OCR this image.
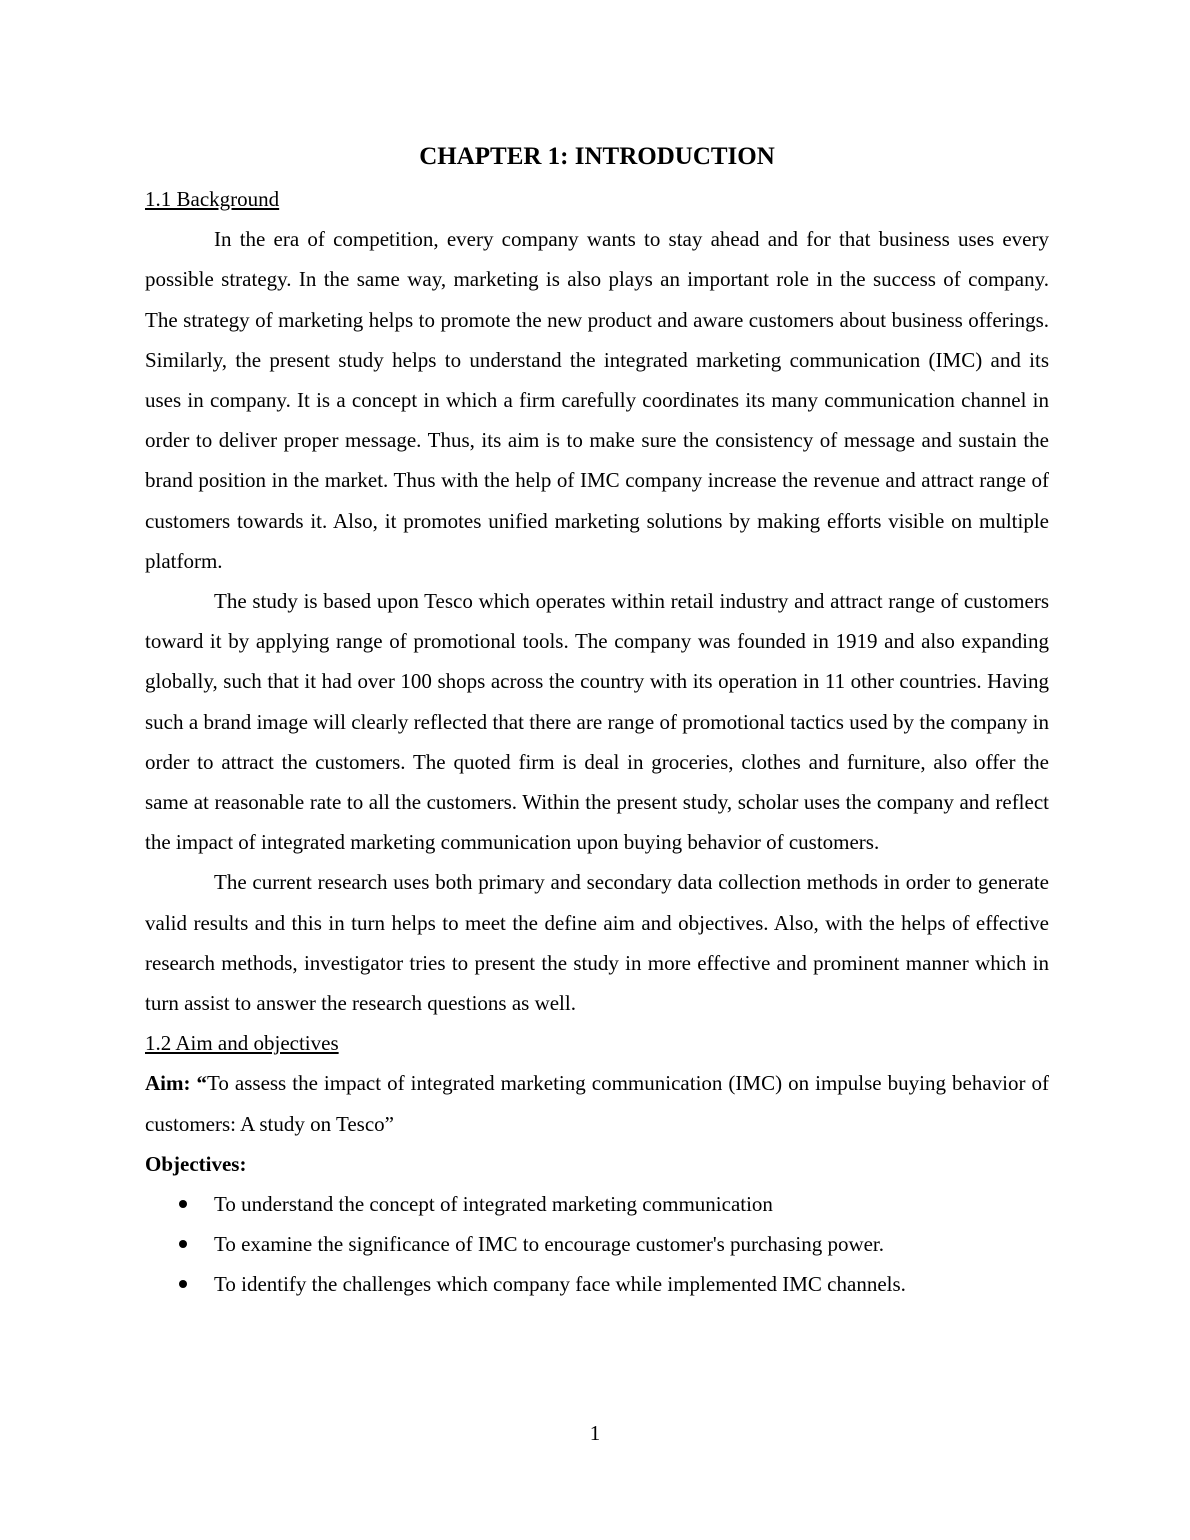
CHAPTER 1: INTRODUCTION
1.1 Background

In the era of competition, every company wants to stay ahead and for that business uses every possible strategy. In the same way, marketing is also plays an important role in the success of company. The strategy of marketing helps to promote the new product and aware customers about business offerings. Similarly, the present study helps to understand the integrated marketing communication (IMC) and its uses in company. It is a concept in which a firm carefully coordinates its many communication channel in order to deliver proper message. Thus, its aim is to make sure the consistency of message and sustain the brand position in the market. Thus with the help of IMC company increase the revenue and attract range of customers towards it. Also, it promotes unified marketing solutions by making efforts visible on multiple platform.

The study is based upon Tesco which operates within retail industry and attract range of customers toward it by applying range of promotional tools. The company was founded in 1919 and also expanding globally, such that it had over 100 shops across the country with its operation in 11 other countries. Having such a brand image will clearly reflected that there are range of promotional tactics used by the company in order to attract the customers. The quoted firm is deal in groceries, clothes and furniture, also offer the same at reasonable rate to all the customers. Within the present study, scholar uses the company and reflect the impact of integrated marketing communication upon buying behavior of customers.

The current research uses both primary and secondary data collection methods in order to generate valid results and this in turn helps to meet the define aim and objectives. Also, with the helps of effective research methods, investigator tries to present the study in more effective and prominent manner which in turn assist to answer the research questions as well.

1.2 Aim and objectives

Aim: “To assess the impact of integrated marketing communication (IMC) on impulse buying behavior of customers: A study on Tesco”

Objectives:

To understand the concept of integrated marketing communication
To examine the significance of IMC to encourage customer's purchasing power.
To identify the challenges which company face while implemented IMC channels.
1
